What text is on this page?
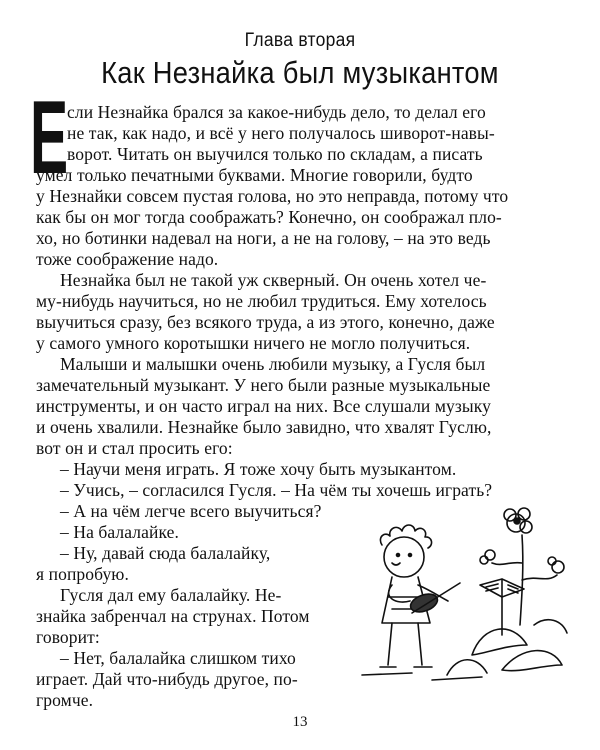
Глава вторая
Как Незнайка был музыкантом
Е
13
сли Незнайка брался за какое-нибудь дело, то делал его
не так, как надо, и всё у него получалось шиворот-навы-
ворот. Читать он выучился только по складам, а писать
умел только печатными буквами. Многие говорили, будто
у Незнайки совсем пустая голова, но это неправда, потому что
как бы он мог тогда соображать? Конечно, он соображал пло-
хо, но ботинки надевал на ноги, а не на голову, – на это ведь
тоже соображение надо.
Незнайка был не такой уж скверный. Он очень хотел че-
му-нибудь научиться, но не любил трудиться. Ему хотелось
выучиться сразу, без всякого труда, а из этого, конечно, даже
у самого умного коротышки ничего не могло получиться.
Малыши и малышки очень любили музыку, а Гусля был
замечательный музыкант. У него были разные музыкальные
инструменты, и он часто играл на них. Все слушали музыку
и очень хвалили. Незнайке было завидно, что хвалят Гуслю,
вот он и стал просить его:
– Научи меня играть. Я тоже хочу быть музыкантом.
– Учись, – согласился Гусля. – На чём ты хочешь играть?
– А на чём легче всего выучиться?
– На балалайке.
– Ну, давай сюда балалайку,
я попробую.
Гусля дал ему балалайку. Не-
знайка забренчал на струнах. Потом
говорит:
– Нет, балалайка слишком тихо
играет. Дай что-нибудь другое, по-
громче.
